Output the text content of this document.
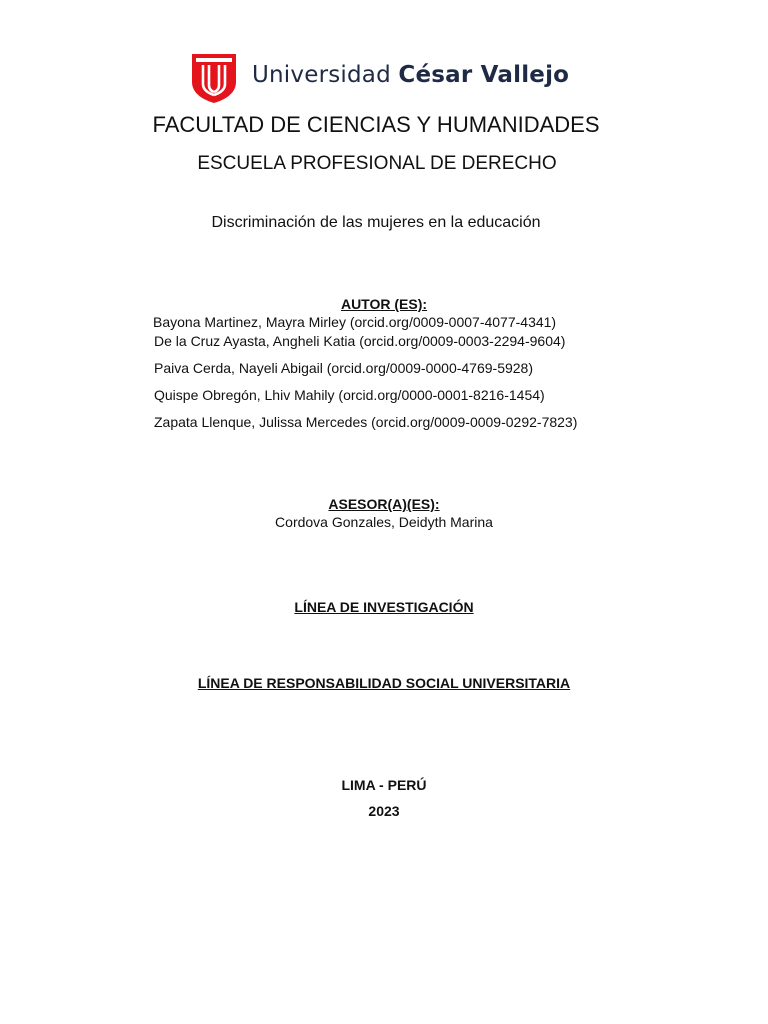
Universidad César Vallejo
FACULTAD DE CIENCIAS Y HUMANIDADES
ESCUELA PROFESIONAL DE DERECHO
Discriminación de las mujeres en la educación
AUTOR (ES):
Bayona Martinez, Mayra Mirley (orcid.org/0009-0007-4077-4341)
De la Cruz Ayasta, Angheli Katia (orcid.org/0009-0003-2294-9604)
Paiva Cerda, Nayeli Abigail (orcid.org/0009-0000-4769-5928)
Quispe Obregón, Lhiv Mahily (orcid.org/0000-0001-8216-1454)
Zapata Llenque, Julissa Mercedes (orcid.org/0009-0009-0292-7823)
ASESOR(A)(ES):
Cordova Gonzales, Deidyth Marina
LÍNEA DE INVESTIGACIÓN
LÍNEA DE RESPONSABILIDAD SOCIAL UNIVERSITARIA
LIMA - PERÚ
2023
